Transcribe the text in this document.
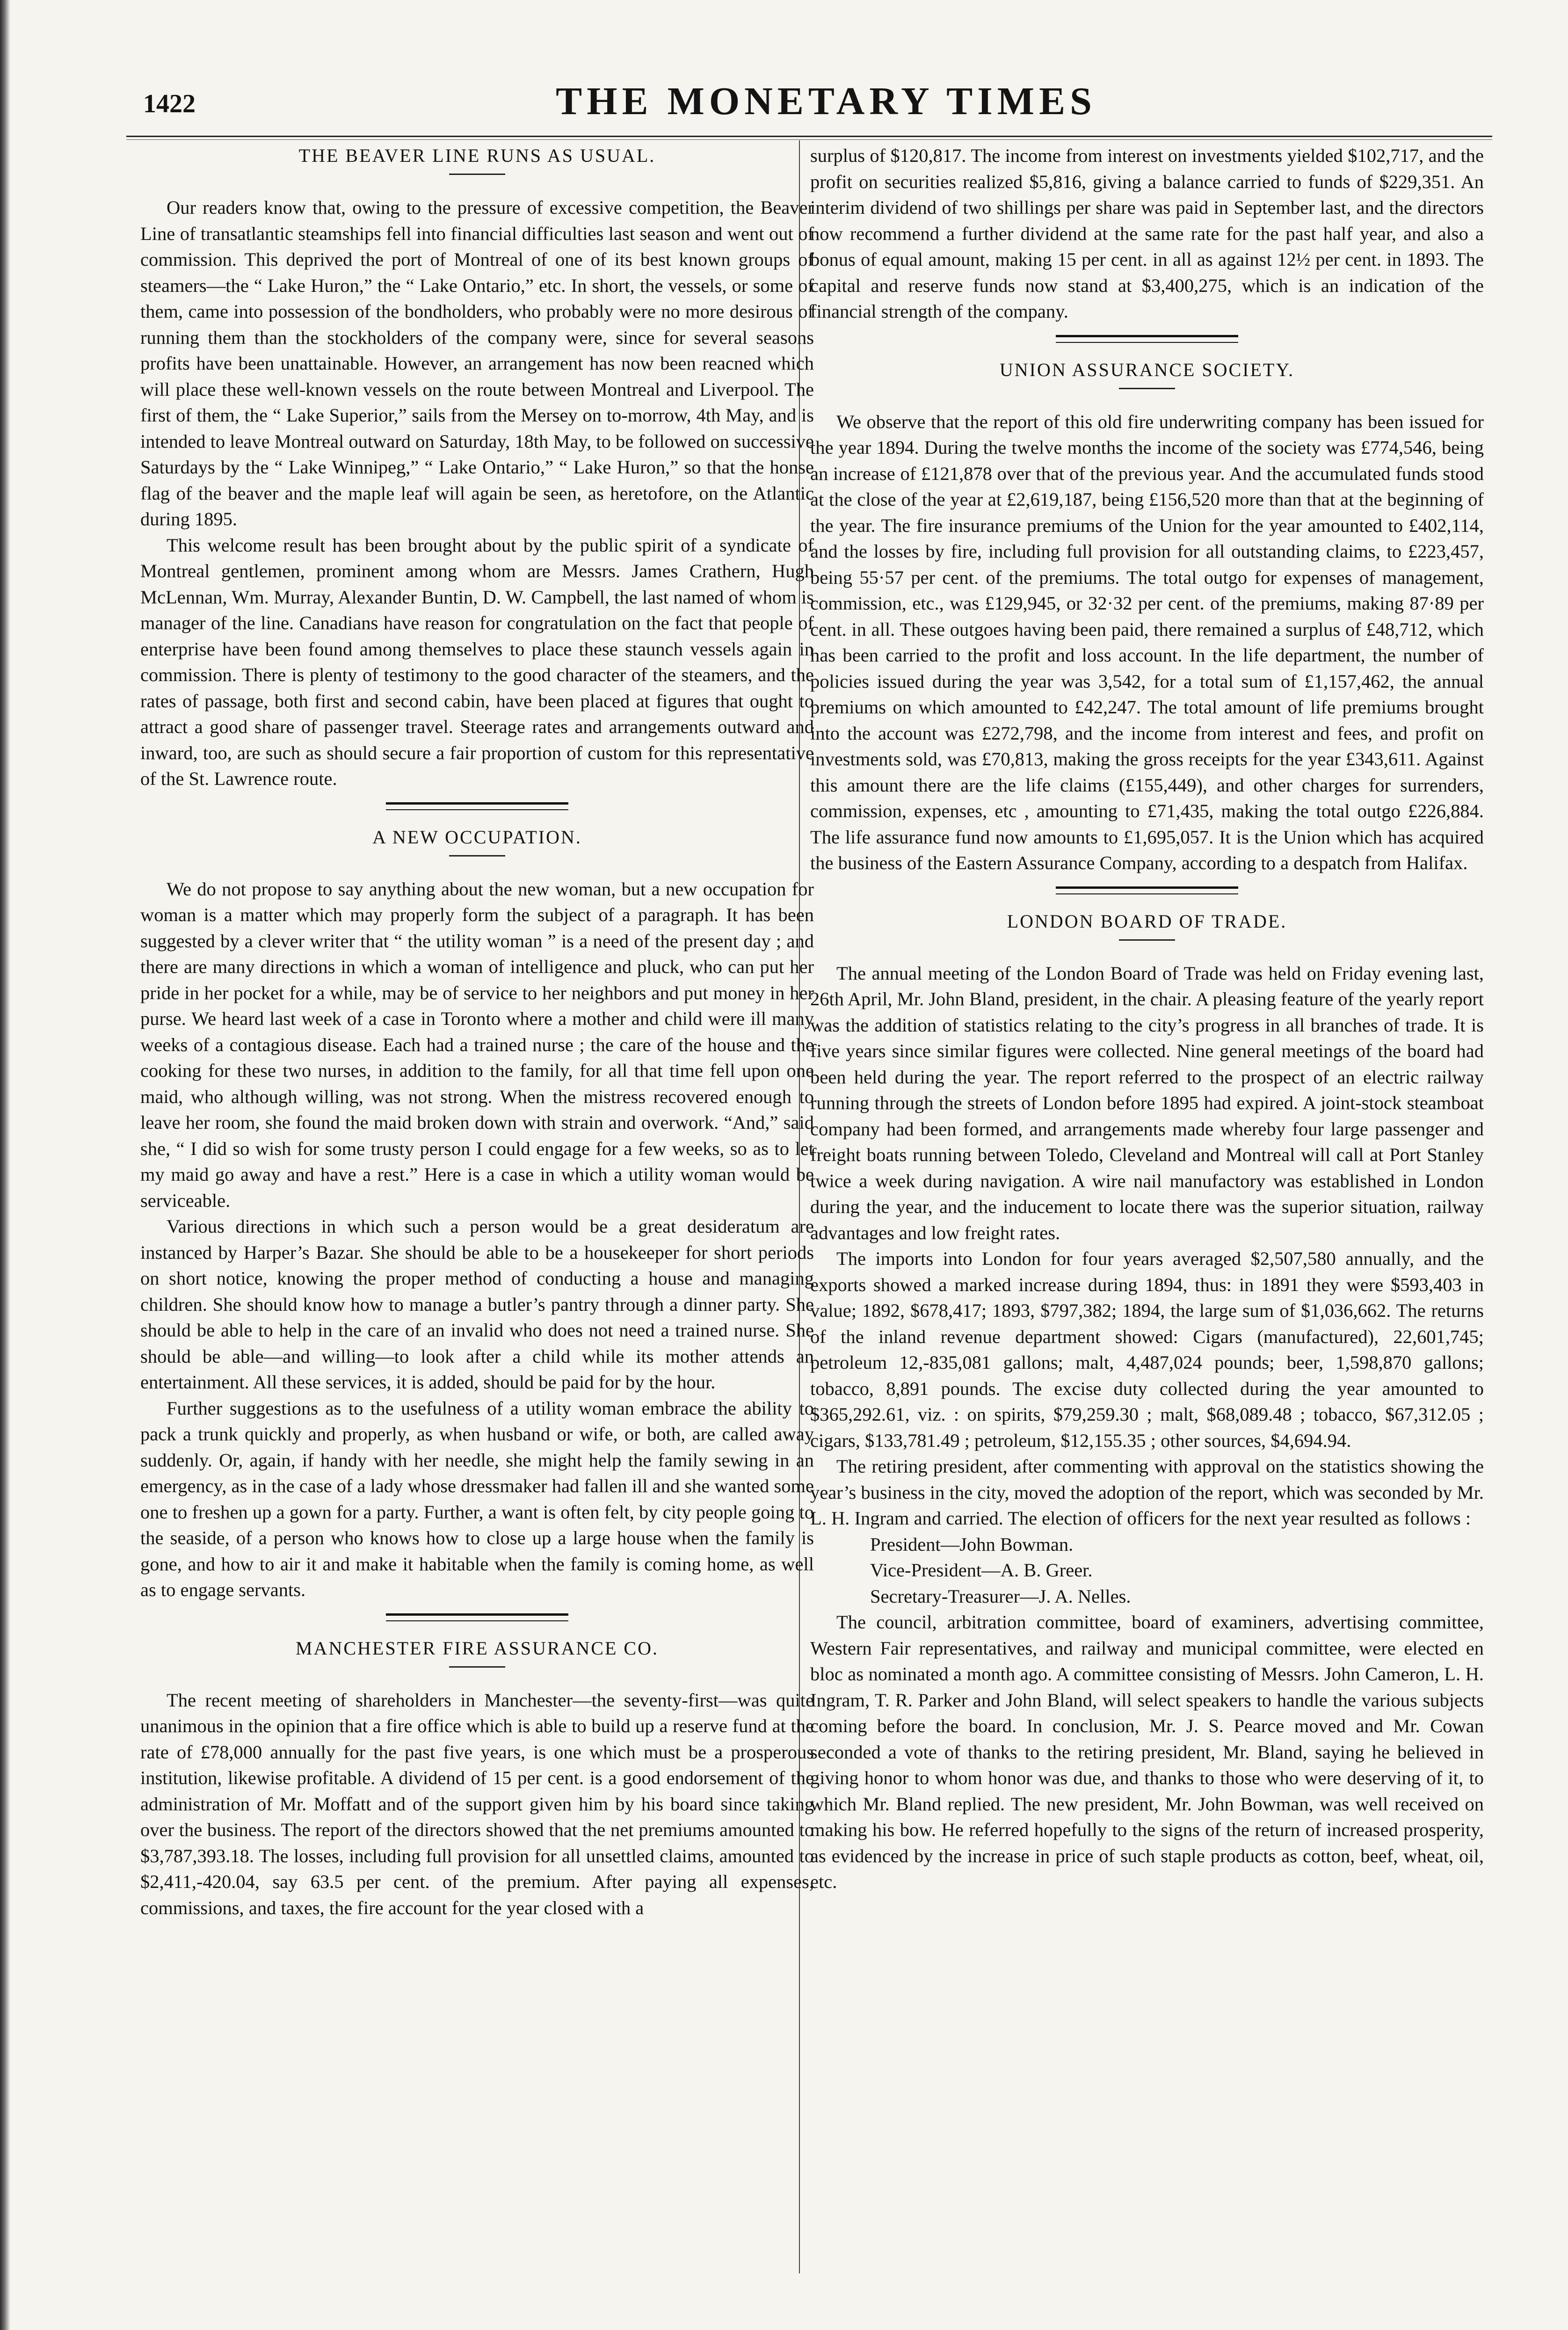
1422	THE MONETARY TIMES
THE BEAVER LINE RUNS AS USUAL.

Our readers know that, owing to the pressure of excessive competition, the Beaver Line of transatlantic steamships fell into financial difficulties last season and went out of commission. This deprived the port of Montreal of one of its best known groups of steamers—the “ Lake Huron,” the “ Lake Ontario,” etc. In short, the vessels, or some of them, came into possession of the bondholders, who probably were no more desirous of running them than the stockholders of the company were, since for several seasons profits have been unattainable. However, an arrangement has now been reacned which will place these well-known vessels on the route between Montreal and Liverpool. The first of them, the “ Lake Superior,” sails from the Mersey on to-morrow, 4th May, and is intended to leave Montreal outward on Saturday, 18th May, to be followed on successive Saturdays by the “ Lake Winnipeg,” “ Lake Ontario,” “ Lake Huron,” so that the honse flag of the beaver and the maple leaf will again be seen, as heretofore, on the Atlantic during 1895.

This welcome result has been brought about by the public spirit of a syndicate of Montreal gentlemen, prominent among whom are Messrs. James Crathern, Hugh McLennan, Wm. Murray, Alexander Buntin, D. W. Campbell, the last named of whom is manager of the line. Canadians have reason for congratulation on the fact that people of enterprise have been found among themselves to place these staunch vessels again in commission. There is plenty of testimony to the good character of the steamers, and the rates of passage, both first and second cabin, have been placed at figures that ought to attract a good share of passenger travel. Steerage rates and arrangements outward and inward, too, are such as should secure a fair proportion of custom for this representative of the St. Lawrence route.

A NEW OCCUPATION.

We do not propose to say anything about the new woman, but a new occupation for woman is a matter which may properly form the subject of a paragraph. It has been suggested by a clever writer that “ the utility woman ” is a need of the present day ; and there are many directions in which a woman of intelligence and pluck, who can put her pride in her pocket for a while, may be of service to her neighbors and put money in her purse. We heard last week of a case in Toronto where a mother and child were ill many weeks of a contagious disease. Each had a trained nurse ; the care of the house and the cooking for these two nurses, in addition to the family, for all that time fell upon one maid, who although willing, was not strong. When the mistress recovered enough to leave her room, she found the maid broken down with strain and overwork. “And,” said she, “ I did so wish for some trusty person I could engage for a few weeks, so as to let my maid go away and have a rest.” Here is a case in which a utility woman would be serviceable.

Various directions in which such a person would be a great desideratum are instanced by Harper’s Bazar. She should be able to be a housekeeper for short periods on short notice, knowing the proper method of conducting a house and managing children. She should know how to manage a butler’s pantry through a dinner party. She should be able to help in the care of an invalid who does not need a trained nurse. She should be able—and willing—to look after a child while its mother attends an entertainment. All these services, it is added, should be paid for by the hour.

Further suggestions as to the usefulness of a utility woman embrace the ability to pack a trunk quickly and properly, as when husband or wife, or both, are called away suddenly. Or, again, if handy with her needle, she might help the family sewing in an emergency, as in the case of a lady whose dressmaker had fallen ill and she wanted some one to freshen up a gown for a party. Further, a want is often felt, by city people going to the seaside, of a person who knows how to close up a large house when the family is gone, and how to air it and make it habitable when the family is coming home, as well as to engage servants.

MANCHESTER FIRE ASSURANCE CO.

The recent meeting of shareholders in Manchester—the seventy-first—was quite unanimous in the opinion that a fire office which is able to build up a reserve fund at the rate of £78,000 annually for the past five years, is one which must be a prosperous institution, likewise profitable. A dividend of 15 per cent. is a good endorsement of the administration of Mr. Moffatt and of the support given him by his board since taking over the business. The report of the directors showed that the net premiums amounted to $3,787,393.18. The losses, including full provision for all unsettled claims, amounted to $2,411,-420.04, say 63.5 per cent. of the premium. After paying all expenses, commissions, and taxes, the fire account for the year closed with a

surplus of $120,817. The income from interest on investments yielded $102,717, and the profit on securities realized $5,816, giving a balance carried to funds of $229,351. An interim dividend of two shillings per share was paid in September last, and the directors now recommend a further dividend at the same rate for the past half year, and also a bonus of equal amount, making 15 per cent. in all as against 12½ per cent. in 1893. The capital and reserve funds now stand at $3,400,275, which is an indication of the financial strength of the company.

UNION ASSURANCE SOCIETY.

We observe that the report of this old fire underwriting company has been issued for the year 1894. During the twelve months the income of the society was £774,546, being an increase of £121,878 over that of the previous year. And the accumulated funds stood at the close of the year at £2,619,187, being £156,520 more than that at the beginning of the year. The fire insurance premiums of the Union for the year amounted to £402,114, and the losses by fire, including full provision for all outstanding claims, to £223,457, being 55·57 per cent. of the premiums. The total outgo for expenses of management, commission, etc., was £129,945, or 32·32 per cent. of the premiums, making 87·89 per cent. in all. These outgoes having been paid, there remained a surplus of £48,712, which has been carried to the profit and loss account. In the life department, the number of policies issued during the year was 3,542, for a total sum of £1,157,462, the annual premiums on which amounted to £42,247. The total amount of life premiums brought into the account was £272,798, and the income from interest and fees, and profit on investments sold, was £70,813, making the gross receipts for the year £343,611. Against this amount there are the life claims (£155,449), and other charges for surrenders, commission, expenses, etc , amounting to £71,435, making the total outgo £226,884. The life assurance fund now amounts to £1,695,057. It is the Union which has acquired the business of the Eastern Assurance Company, according to a despatch from Halifax.

LONDON BOARD OF TRADE.

The annual meeting of the London Board of Trade was held on Friday evening last, 26th April, Mr. John Bland, president, in the chair. A pleasing feature of the yearly report was the addition of statistics relating to the city’s progress in all branches of trade. It is five years since similar figures were collected. Nine general meetings of the board had been held during the year. The report referred to the prospect of an electric railway running through the streets of London before 1895 had expired. A joint-stock steamboat company had been formed, and arrangements made whereby four large passenger and freight boats running between Toledo, Cleveland and Montreal will call at Port Stanley twice a week during navigation. A wire nail manufactory was established in London during the year, and the inducement to locate there was the superior situation, railway advantages and low freight rates.

The imports into London for four years averaged $2,507,580 annually, and the exports showed a marked increase during 1894, thus: in 1891 they were $593,403 in value; 1892, $678,417; 1893, $797,382; 1894, the large sum of $1,036,662. The returns of the inland revenue department showed: Cigars (manufactured), 22,601,745; petroleum 12,-835,081 gallons; malt, 4,487,024 pounds; beer, 1,598,870 gallons; tobacco, 8,891 pounds. The excise duty collected during the year amounted to $365,292.61, viz. : on spirits, $79,259.30 ; malt, $68,089.48 ; tobacco, $67,312.05 ; cigars, $133,781.49 ; petroleum, $12,155.35 ; other sources, $4,694.94.

The retiring president, after commenting with approval on the statistics showing the year’s business in the city, moved the adoption of the report, which was seconded by Mr. L. H. Ingram and carried. The election of officers for the next year resulted as follows :

President—John Bowman.
Vice-President—A. B. Greer.
Secretary-Treasurer—J. A. Nelles.

The council, arbitration committee, board of examiners, advertising committee, Western Fair representatives, and railway and municipal committee, were elected en bloc as nominated a month ago. A committee consisting of Messrs. John Cameron, L. H. Ingram, T. R. Parker and John Bland, will select speakers to handle the various subjects coming before the board. In conclusion, Mr. J. S. Pearce moved and Mr. Cowan seconded a vote of thanks to the retiring president, Mr. Bland, saying he believed in giving honor to whom honor was due, and thanks to those who were deserving of it, to which Mr. Bland replied. The new president, Mr. John Bowman, was well received on making his bow. He referred hopefully to the signs of the return of increased prosperity, as evidenced by the increase in price of such staple products as cotton, beef, wheat, oil, etc.
